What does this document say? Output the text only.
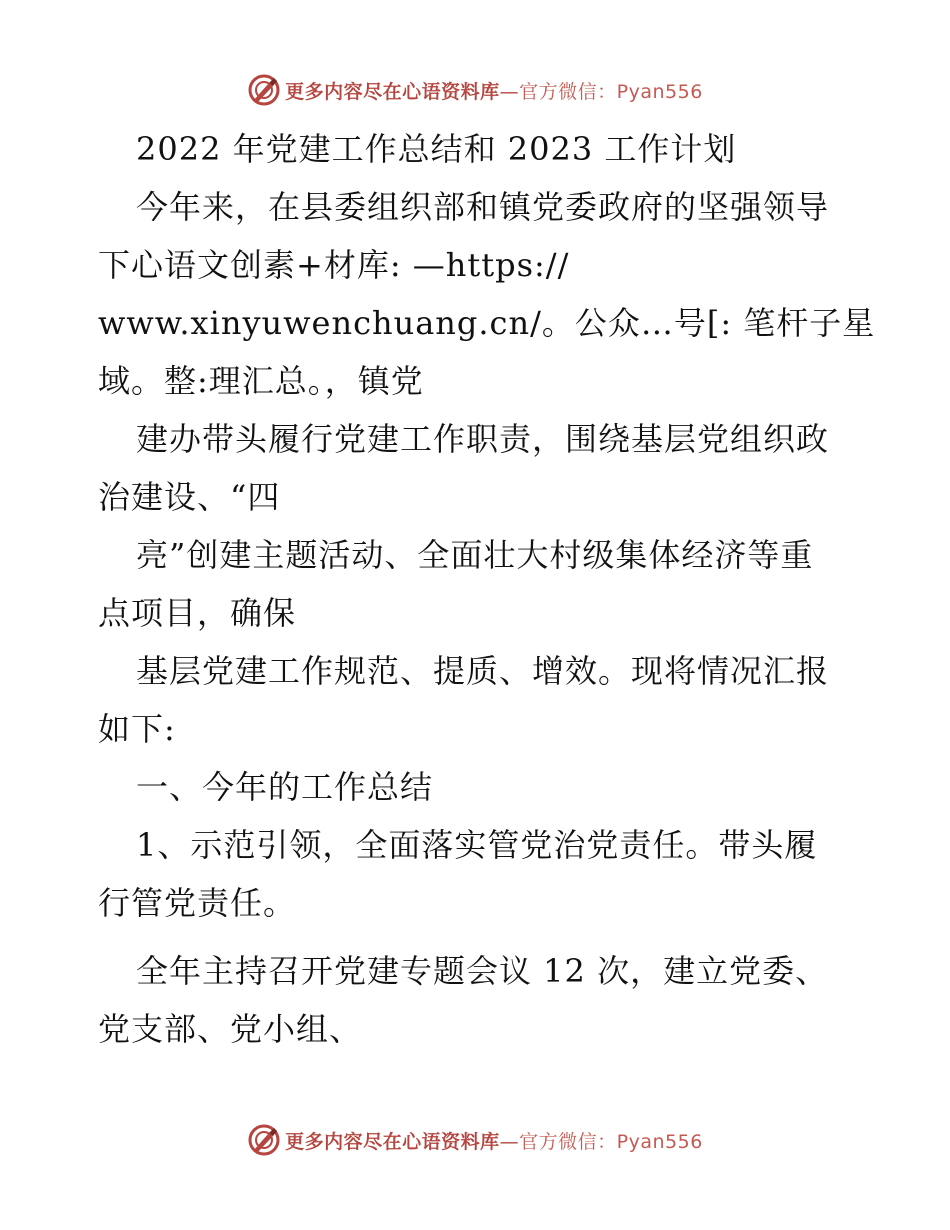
更多内容尽在心语资料库—官方微信：Pyan556
2022 年党建工作总结和 2023 工作计划
今年来，在县委组织部和镇党委政府的坚强领导
下心语文创素+材库: —https://
www.xinyuwenchuang.cn/。公众…号[: 笔杆子星
域。整:理汇总。，镇党
建办带头履行党建工作职责，围绕基层党组织政
治建设、“四
亮”创建主题活动、全面壮大村级集体经济等重
点项目，确保
基层党建工作规范、提质、增效。现将情况汇报
如下:
一、今年的工作总结
1、示范引领，全面落实管党治党责任。带头履
行管党责任。
全年主持召开党建专题会议 12 次，建立党委、
党支部、党小组、
更多内容尽在心语资料库—官方微信：Pyan556
